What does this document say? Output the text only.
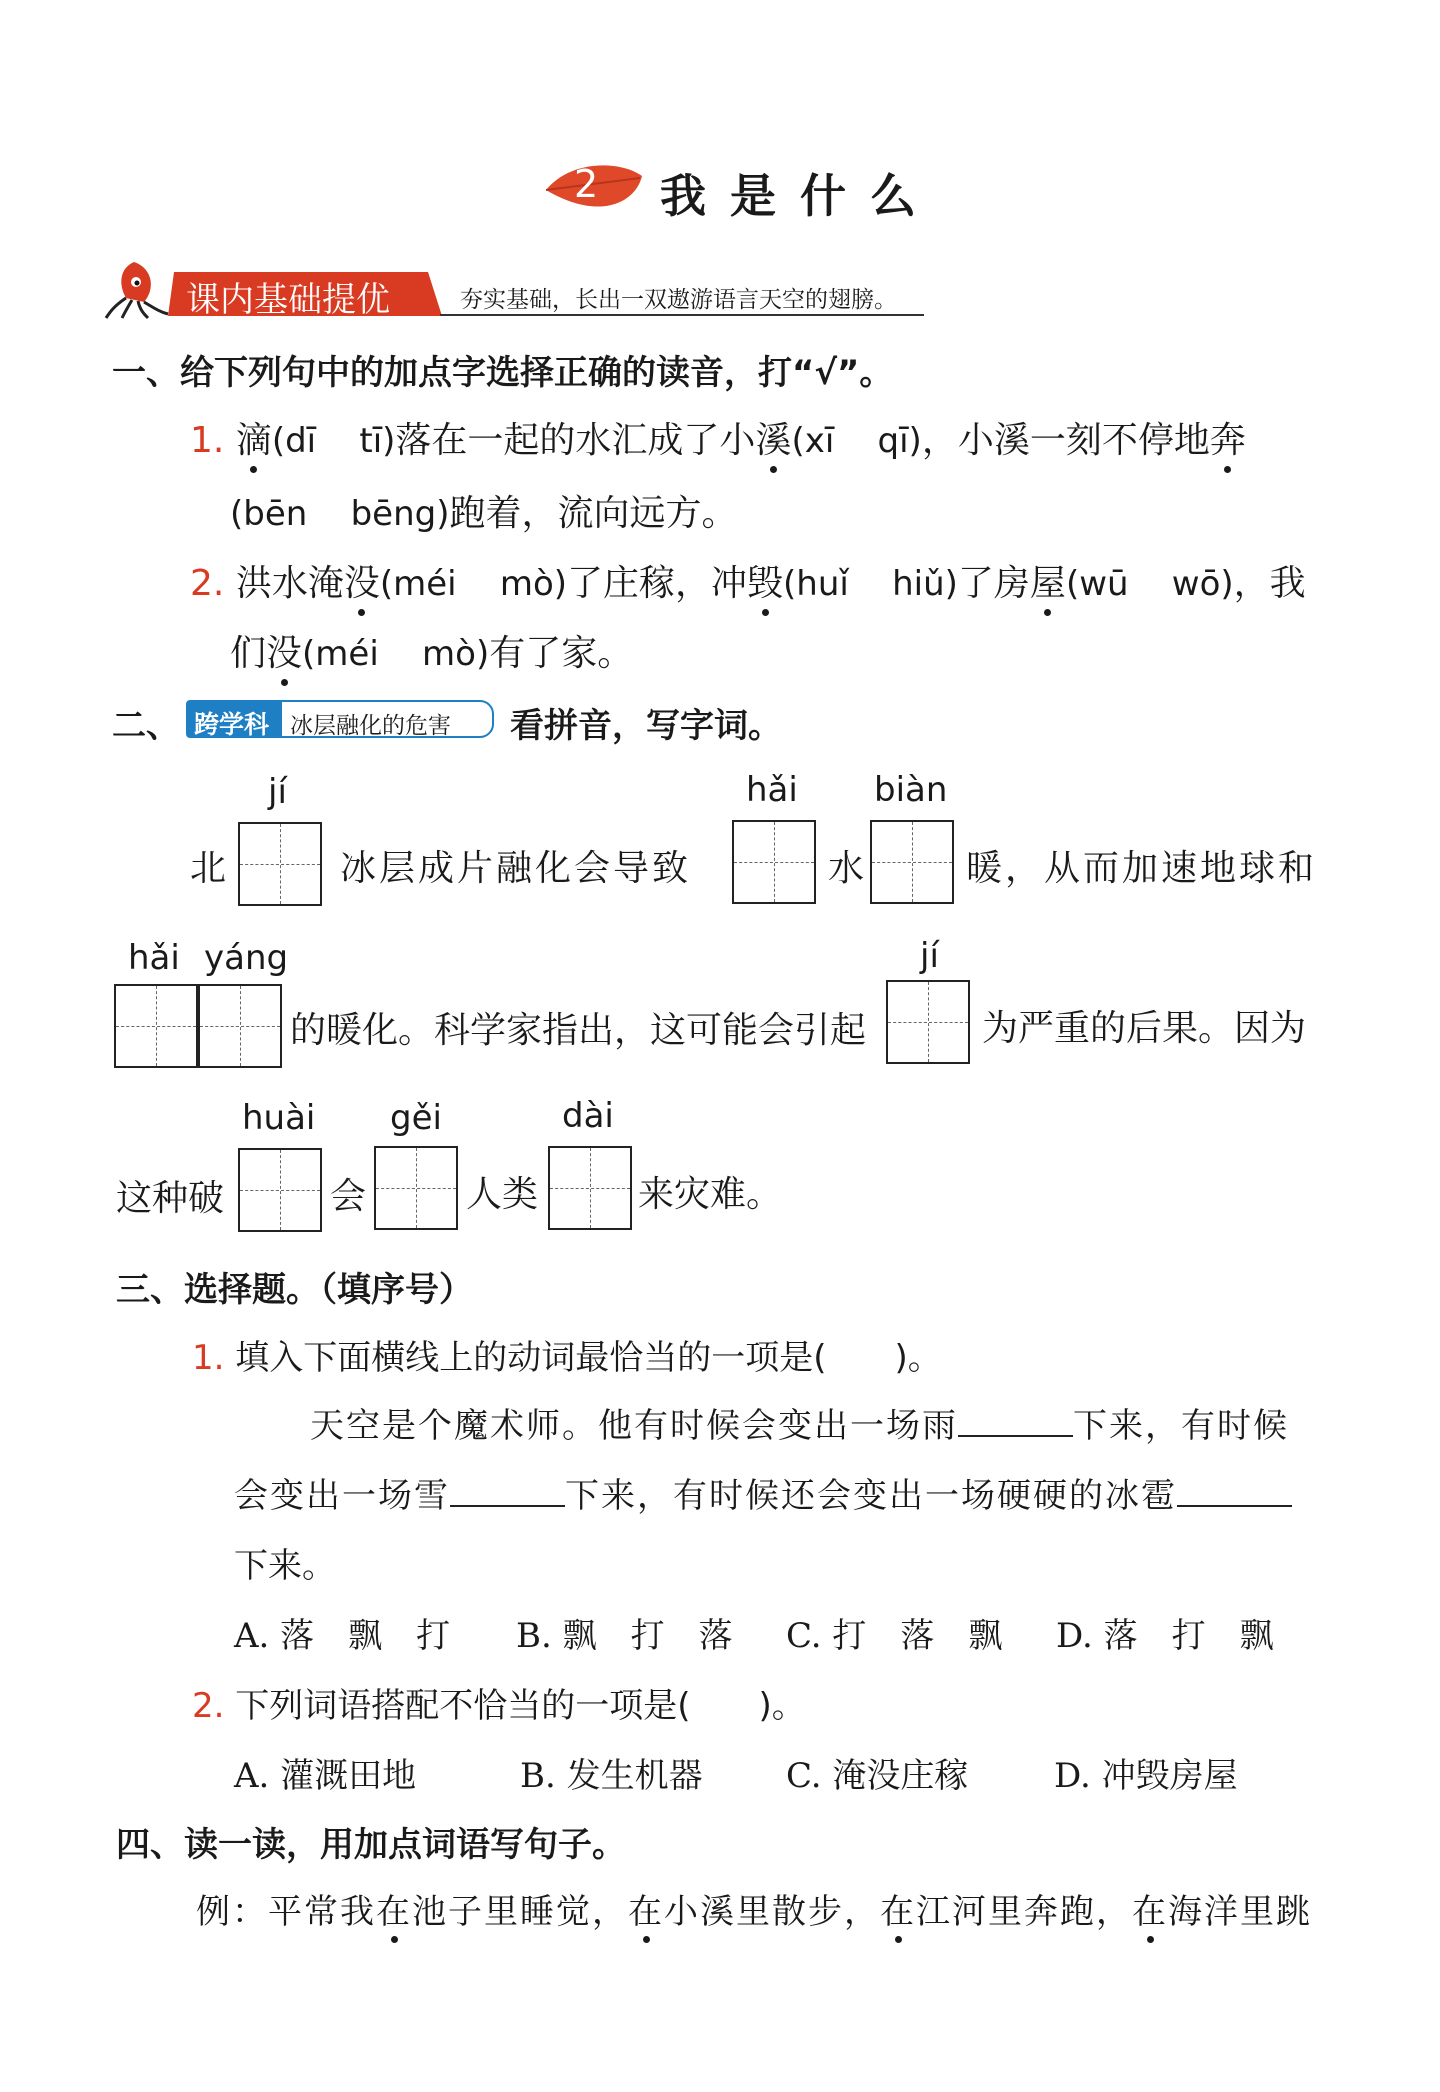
2 我 是 什 么
课内基础提优	夯实基础，长出一双遨游语言天空的翅膀。
一、给下列句中的加点字选择正确的读音，打“√”。
1. 滴(dī tī)落在一起的水汇成了小溪(xī qī)，小溪一刻不停地奔
(bēn bēng)跑着，流向远方。
2. 洪水淹没(méi mò)了庄稼，冲毁(huǐ hiǔ)了房屋(wū wō)，我
们没(méi mò)有了家。
二、 跨学科 冰层融化的危害 看拼音，写字词。
jí	hǎi biàn
北	冰层成片融化会导致	水	暖，从而加速地球和
hǎi yáng	jí
的暖化。科学家指出，这可能会引起	为严重的后果。因为
huài gěi	dài
这种破	会	人类	来灾难。
三、选择题。（填序号）
1. 填入下面横线上的动词最恰当的一项是(　　)。
天空是个魔术师。他有时候会变出一场雨	下来，有时候
会变出一场雪	下来，有时候还会变出一场硬硬的冰雹
下来。
A. 落　飘　打 B. 飘　打　落 C. 打　落　飘 D. 落　打　飘
2. 下列词语搭配不恰当的一项是(　　)。
A. 灌溉田地	B. 发生机器 C. 淹没庄稼	D. 冲毁房屋
四、读一读，用加点词语写句子。
例：平常我在池子里睡觉，在小溪里散步，在江河里奔跑，在海洋里跳
